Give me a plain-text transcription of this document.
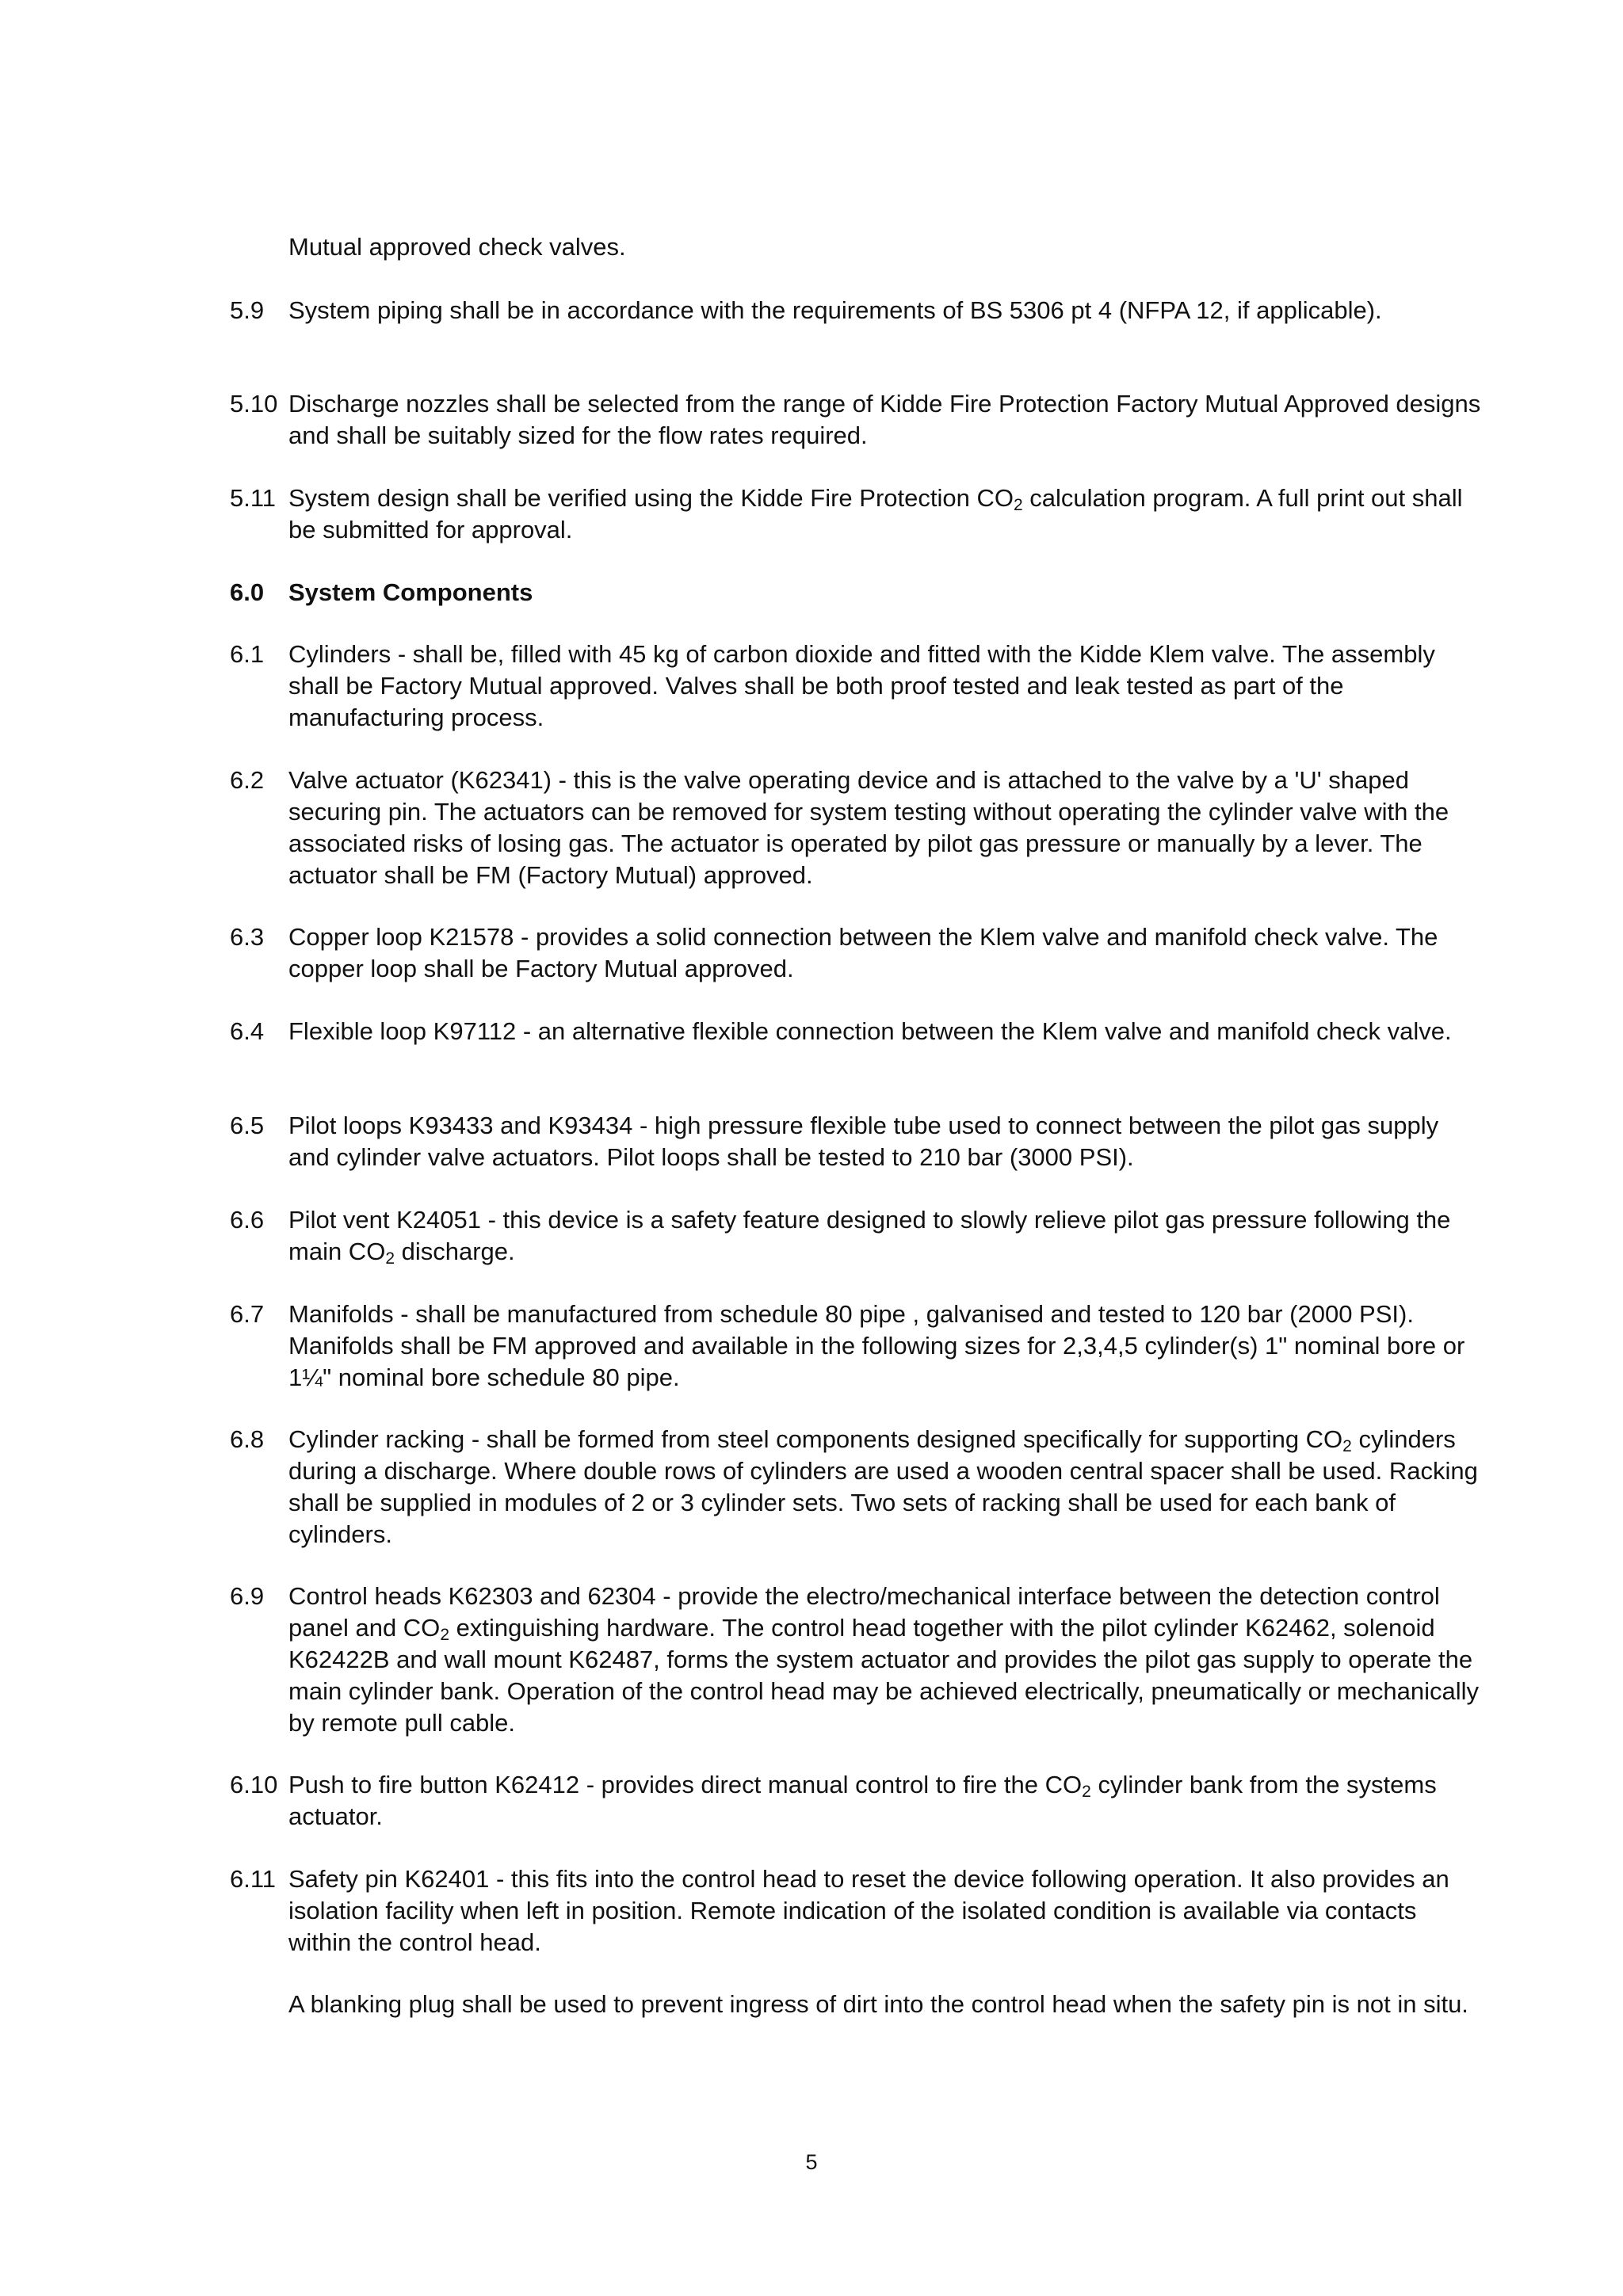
Mutual approved check valves.
5.9 System piping shall be in accordance with the requirements of BS 5306 pt 4 (NFPA 12, if applicable).
5.10 Discharge nozzles shall be selected from the range of Kidde Fire Protection Factory Mutual Approved designs and shall be suitably sized for the flow rates required.
5.11 System design shall be verified using the Kidde Fire Protection $CO_2$ calculation program. A full print out shall be submitted for approval.
6.0 System Components
6.1 Cylinders - shall be, filled with 45 kg of carbon dioxide and fitted with the Kidde Klem valve. The assembly shall be Factory Mutual approved. Valves shall be both proof tested and leak tested as part of the manufacturing process.
6.2 Valve actuator (K62341) - this is the valve operating device and is attached to the valve by a 'U' shaped securing pin. The actuators can be removed for system testing without operating the cylinder valve with the associated risks of losing gas. The actuator is operated by pilot gas pressure or manually by a lever. The actuator shall be FM (Factory Mutual) approved.
6.3 Copper loop K21578 - provides a solid connection between the Klem valve and manifold check valve. The copper loop shall be Factory Mutual approved.
6.4 Flexible loop K97112 - an alternative flexible connection between the Klem valve and manifold check valve.
6.5 Pilot loops K93433 and K93434 - high pressure flexible tube used to connect between the pilot gas supply and cylinder valve actuators. Pilot loops shall be tested to 210 bar (3000 PSI).
6.6 Pilot vent K24051 - this device is a safety feature designed to slowly relieve pilot gas pressure following the main $CO_2$ discharge.
6.7 Manifolds - shall be manufactured from schedule 80 pipe , galvanised and tested to 120 bar (2000 PSI). Manifolds shall be FM approved and available in the following sizes for 2,3,4,5 cylinder(s) 1" nominal bore or 1¼" nominal bore schedule 80 pipe.
6.8 Cylinder racking - shall be formed from steel components designed specifically for supporting $CO_2$ cylinders during a discharge. Where double rows of cylinders are used a wooden central spacer shall be used. Racking shall be supplied in modules of 2 or 3 cylinder sets. Two sets of racking shall be used for each bank of cylinders.
6.9 Control heads K62303 and 62304 - provide the electro/mechanical interface between the detection control panel and $CO_2$ extinguishing hardware. The control head together with the pilot cylinder K62462, solenoid K62422B and wall mount K62487, forms the system actuator and provides the pilot gas supply to operate the main cylinder bank. Operation of the control head may be achieved electrically, pneumatically or mechanically by remote pull cable.
6.10 Push to fire button K62412 - provides direct manual control to fire the $CO_2$ cylinder bank from the systems actuator.
6.11 Safety pin K62401 - this fits into the control head to reset the device following operation. It also provides an isolation facility when left in position. Remote indication of the isolated condition is available via contacts within the control head.
A blanking plug shall be used to prevent ingress of dirt into the control head when the safety pin is not in situ.
5
